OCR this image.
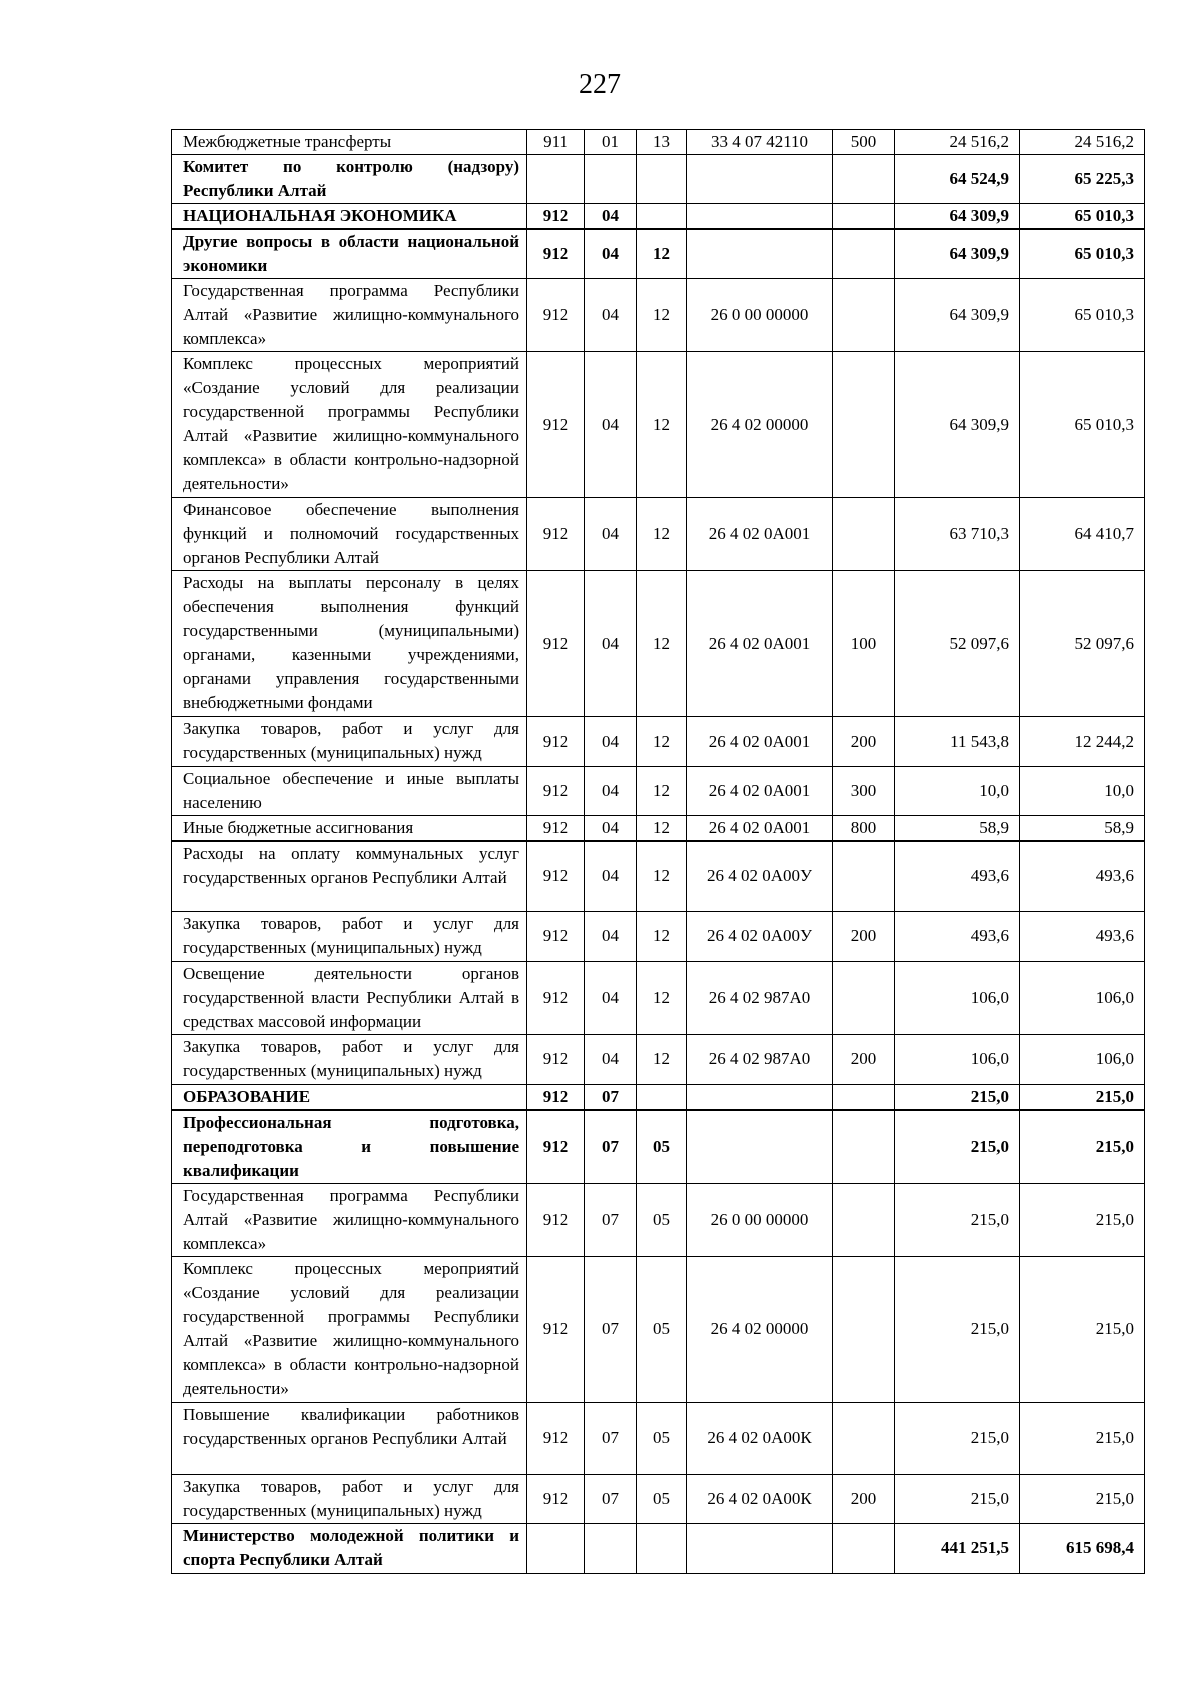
227
Межбюджетные трансферты	911	01	13	33 4 07 42110	500	24 516,2	24 516,2
Комитет по контролю (надзору) Республики Алтай						64 524,9	65 225,3
НАЦИОНАЛЬНАЯ ЭКОНОМИКА	912	04				64 309,9	65 010,3
Другие вопросы в области национальной экономики	912	04	12			64 309,9	65 010,3
Государственная программа Республики Алтай «Развитие жилищно-коммунального комплекса»	912	04	12	26 0 00 00000		64 309,9	65 010,3
Комплекс процессных мероприятий «Создание условий для реализации государственной программы Республики Алтай «Развитие жилищно-коммунального комплекса» в области контрольно-надзорной деятельности»	912	04	12	26 4 02 00000		64 309,9	65 010,3
Финансовое обеспечение выполнения функций и полномочий государственных органов Республики Алтай	912	04	12	26 4 02 0А001		63 710,3	64 410,7
Расходы на выплаты персоналу в целях обеспечения выполнения функций государственными (муниципальными) органами, казенными учреждениями, органами управления государственными внебюджетными фондами	912	04	12	26 4 02 0А001	100	52 097,6	52 097,6
Закупка товаров, работ и услуг для государственных (муниципальных) нужд	912	04	12	26 4 02 0А001	200	11 543,8	12 244,2
Социальное обеспечение и иные выплаты населению	912	04	12	26 4 02 0А001	300	10,0	10,0
Иные бюджетные ассигнования	912	04	12	26 4 02 0А001	800	58,9	58,9
Расходы на оплату коммунальных услуг государственных органов Республики Алтай	912	04	12	26 4 02 0А00У		493,6	493,6
Закупка товаров, работ и услуг для государственных (муниципальных) нужд	912	04	12	26 4 02 0А00У	200	493,6	493,6
Освещение деятельности органов государственной власти Республики Алтай в средствах массовой информации	912	04	12	26 4 02 987А0		106,0	106,0
Закупка товаров, работ и услуг для государственных (муниципальных) нужд	912	04	12	26 4 02 987А0	200	106,0	106,0
ОБРАЗОВАНИЕ	912	07				215,0	215,0
Профессиональная подготовка, переподготовка и повышение квалификации	912	07	05			215,0	215,0
Государственная программа Республики Алтай «Развитие жилищно-коммунального комплекса»	912	07	05	26 0 00 00000		215,0	215,0
Комплекс процессных мероприятий «Создание условий для реализации государственной программы Республики Алтай «Развитие жилищно-коммунального комплекса» в области контрольно-надзорной деятельности»	912	07	05	26 4 02 00000		215,0	215,0
Повышение квалификации работников государственных органов Республики Алтай	912	07	05	26 4 02 0А00К		215,0	215,0
Закупка товаров, работ и услуг для государственных (муниципальных) нужд	912	07	05	26 4 02 0А00К	200	215,0	215,0
Министерство молодежной политики и спорта Республики Алтай						441 251,5	615 698,4
